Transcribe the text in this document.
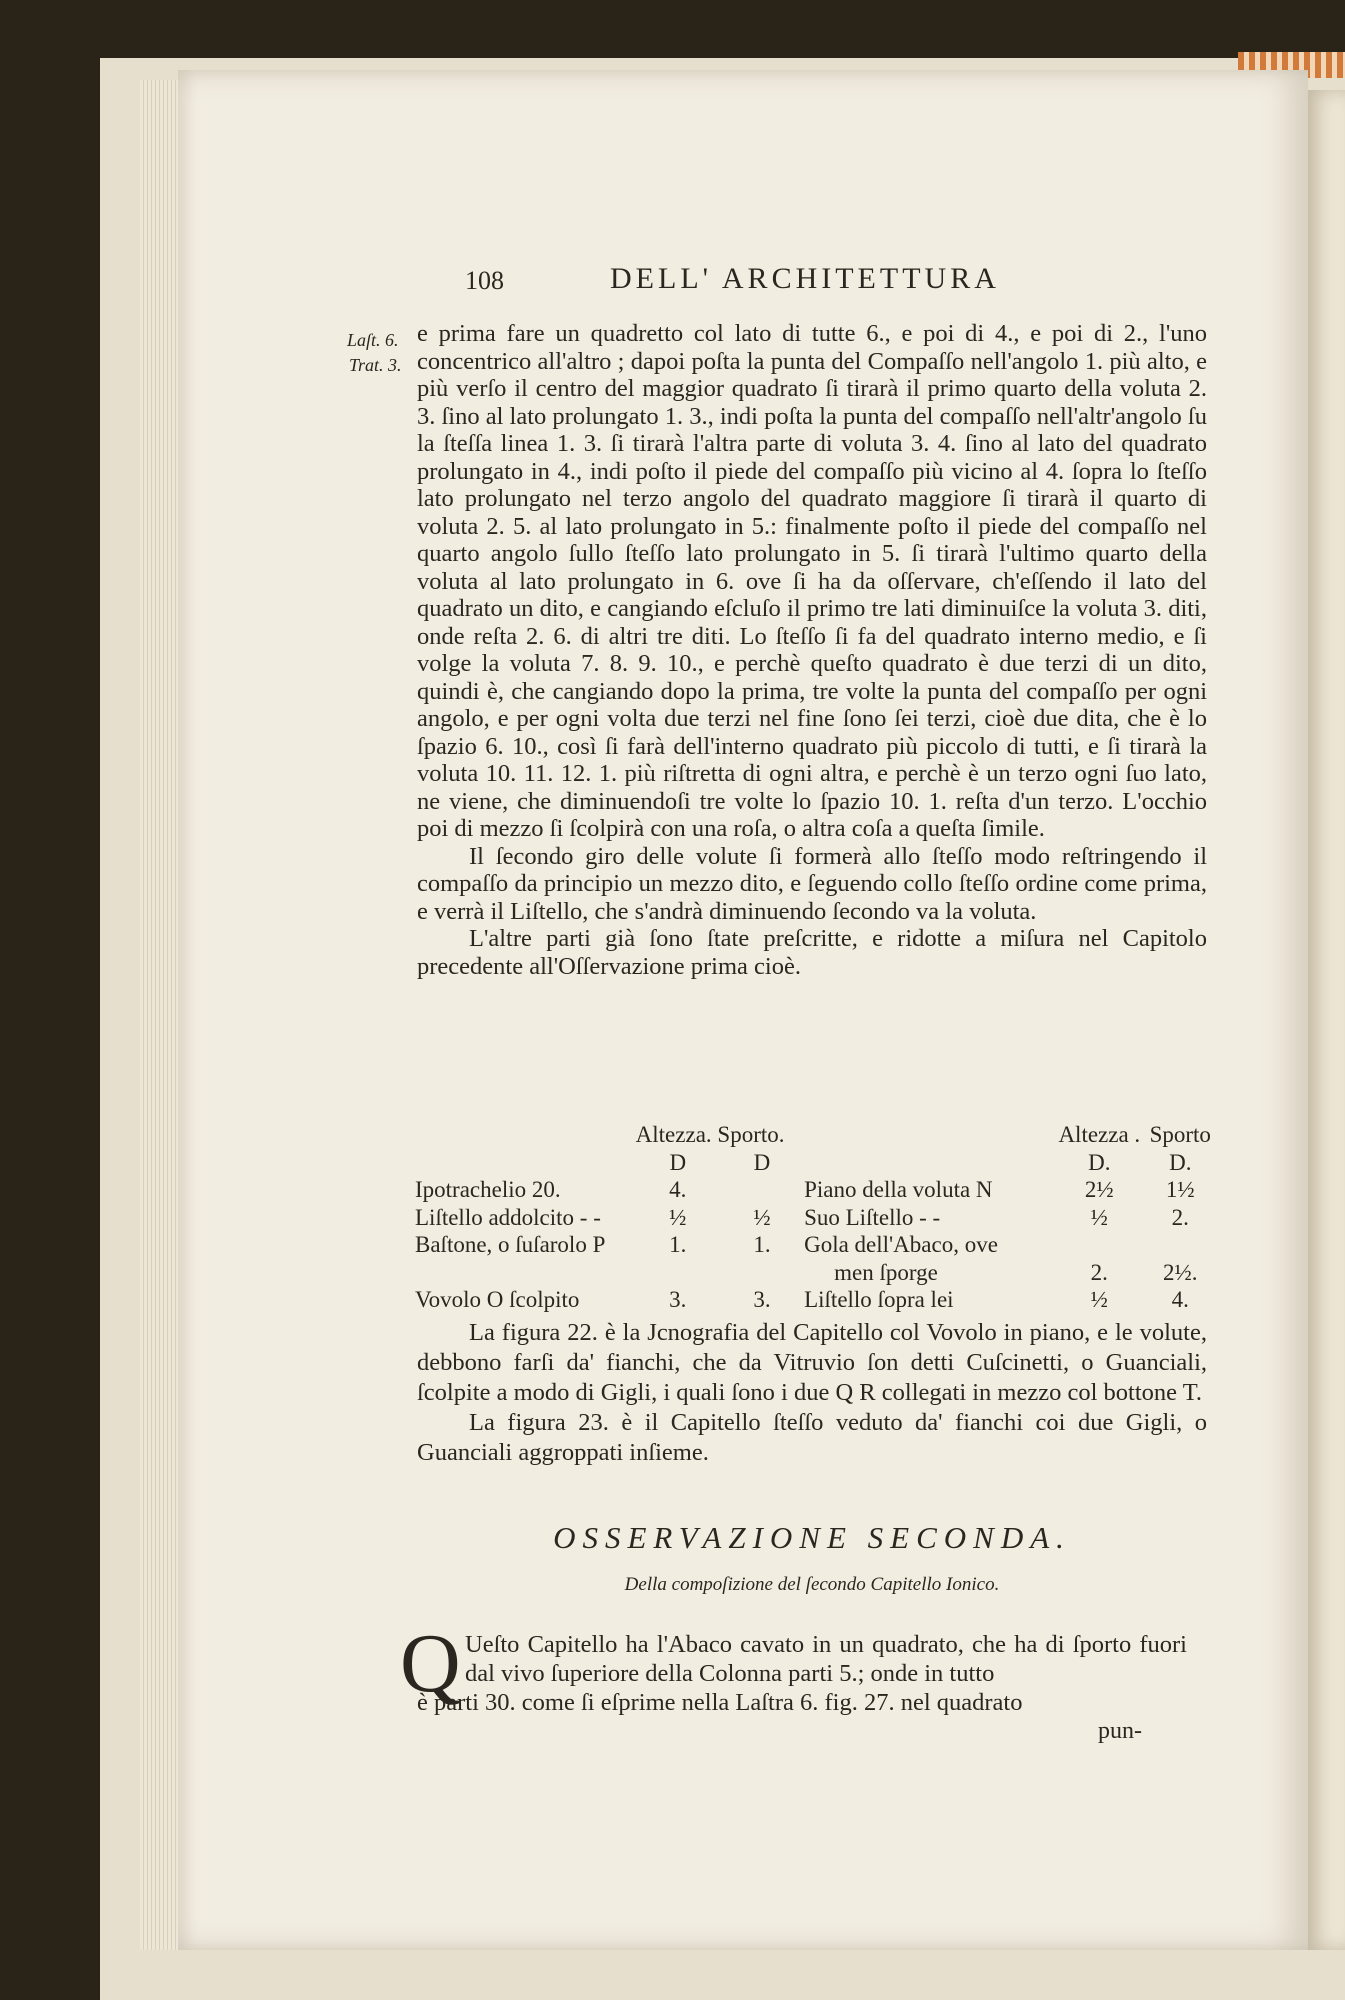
108	DELL' ARCHITETTURA
Laſt. 6.
Trat. 3.

e prima fare un quadretto col lato di tutte 6., e poi di 4., e poi di 2., l'uno concentrico all'altro ; dapoi poſta la punta del Compaſſo nell'angolo 1. più alto, e più verſo il centro del maggior quadrato ſi tirarà il primo quarto della voluta 2. 3. ſino al lato prolungato 1. 3., indi poſta la punta del compaſſo nell'altr'angolo ſu la ſteſſa linea 1. 3. ſi tirarà l'altra parte di voluta 3. 4. ſino al lato del quadrato prolungato in 4., indi poſto il piede del compaſſo più vicino al 4. ſopra lo ſteſſo lato prolungato nel terzo angolo del quadrato maggiore ſi tirarà il quarto di voluta 2. 5. al lato prolungato in 5.: finalmente poſto il piede del compaſſo nel quarto angolo ſullo ſteſſo lato prolungato in 5. ſi tirarà l'ultimo quarto della voluta al lato prolungato in 6. ove ſi ha da oſſervare, ch'eſſendo il lato del quadrato un dito, e cangiando eſcluſo il primo tre lati diminuiſce la voluta 3. diti, onde reſta 2. 6. di altri tre diti. Lo ſteſſo ſi fa del quadrato interno medio, e ſi volge la voluta 7. 8. 9. 10., e perchè queſto quadrato è due terzi di un dito, quindi è, che cangiando dopo la prima, tre volte la punta del compaſſo per ogni angolo, e per ogni volta due terzi nel fine ſono ſei terzi, cioè due dita, che è lo ſpazio 6. 10., così ſi farà dell'interno quadrato più piccolo di tutti, e ſi tirarà la voluta 10. 11. 12. 1. più riſtretta di ogni altra, e perchè è un terzo ogni ſuo lato, ne viene, che diminuendoſi tre volte lo ſpazio 10. 1. reſta d'un terzo. L'occhio poi di mezzo ſi ſcolpirà con una roſa, o altra coſa a queſta ſimile.

Il ſecondo giro delle volute ſi formerà allo ſteſſo modo reſtringendo il compaſſo da principio un mezzo dito, e ſeguendo collo ſteſſo ordine come prima, e verrà il Liſtello, che s'andrà diminuendo ſecondo va la voluta.

L'altre parti già ſono ſtate preſcritte, e ridotte a miſura nel Capitolo precedente all'Oſſervazione prima cioè.

	Altezza. Sporto.			Altezza .	Sporto
	D	D		D.	D.
Ipotrachelio 20.	4.		Piano della voluta N	2½	1½
Liſtello addolcito - -	½	½	Suo Liſtello - -	½	2.
Baſtone, o ſuſarolo P	1.	1.	Gola dell'Abaco, ove		
			men ſporge	2.	2½.
Vovolo O ſcolpito	3.	3.	Liſtello ſopra lei	½	4.

La figura 22. è la Jcnografia del Capitello col Vovolo in piano, e le volute, debbono farſi da' fianchi, che da Vitruvio ſon detti Cuſcinetti, o Guanciali, ſcolpite a modo di Gigli, i quali ſono i due Q R collegati in mezzo col bottone T.

La figura 23. è il Capitello ſteſſo veduto da' fianchi coi due Gigli, o Guanciali aggroppati inſieme.

OSSERVAZIONE SECONDA.
Della compoſizione del ſecondo Capitello Ionico.
Q Ueſto Capitello ha l'Abaco cavato in un quadrato, che ha di ſporto fuori dal vivo ſuperiore della Colonna parti 5.; onde in tutto
è parti 30. come ſi eſprime nella Laſtra 6. fig. 27. nel quadrato
pun-
